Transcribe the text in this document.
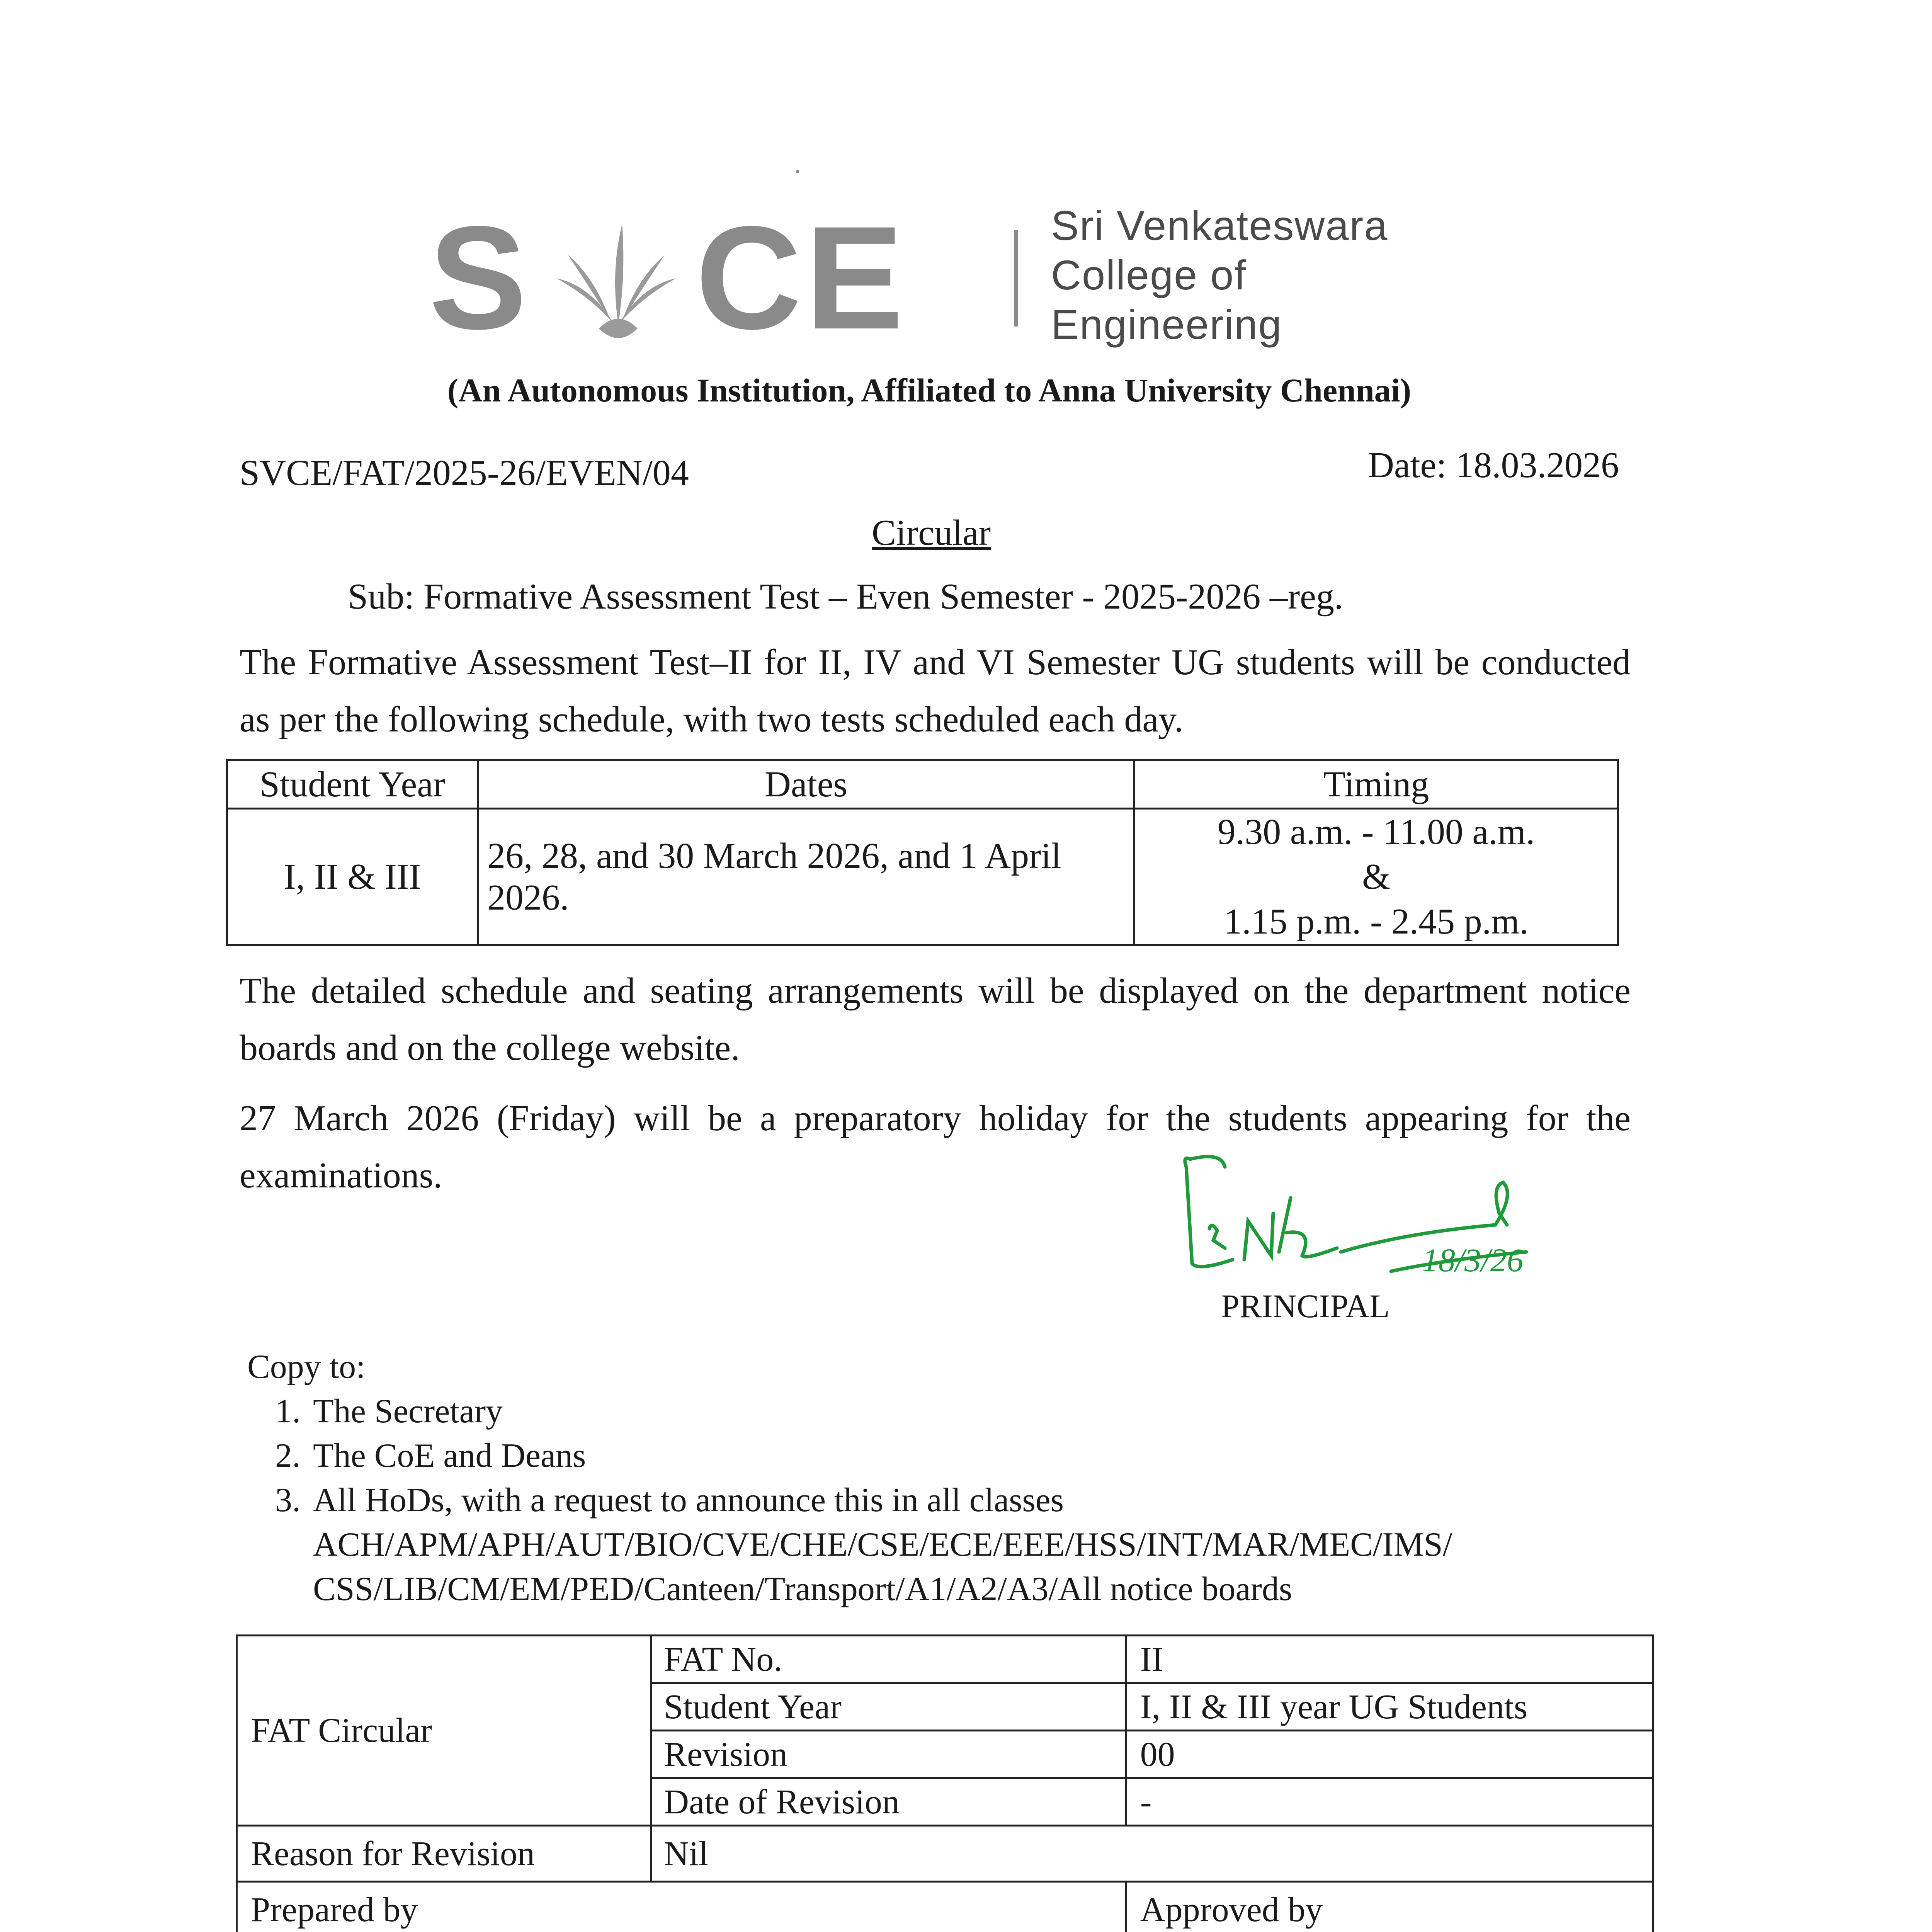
S CE	Sri Venkateswara
College of
Engineering
(An Autonomous Institution, Affiliated to Anna University Chennai)
SVCE/FAT/2025-26/EVEN/04	Date: 18.03.2026
Circular
Sub: Formative Assessment Test – Even Semester - 2025-2026 –reg.
The Formative Assessment Test–II for II, IV and VI Semester UG students will be conducted as per the following schedule, with two tests scheduled each day.
Student Year	Dates	Timing
I, II & III	26, 28, and 30 March 2026, and 1 April 2026.	9.30 a.m. - 11.00 a.m.
&
1.15 p.m. - 2.45 p.m.
The detailed schedule and seating arrangements will be displayed on the department notice boards and on the college website.
27 March 2026 (Friday) will be a preparatory holiday for the students appearing for the examinations.
18/3/26
PRINCIPAL
Copy to:
1. The Secretary
2. The CoE and Deans
3. All HoDs, with a request to announce this in all classes
ACH/APM/APH/AUT/BIO/CVE/CHE/CSE/ECE/EEE/HSS/INT/MAR/MEC/IMS/
CSS/LIB/CM/EM/PED/Canteen/Transport/A1/A2/A3/All notice boards
FAT Circular	FAT No.	II
	Student Year	I, II & III year UG Students
	Revision	00
	Date of Revision	-
Reason for Revision	Nil	
Prepared by		Approved by
